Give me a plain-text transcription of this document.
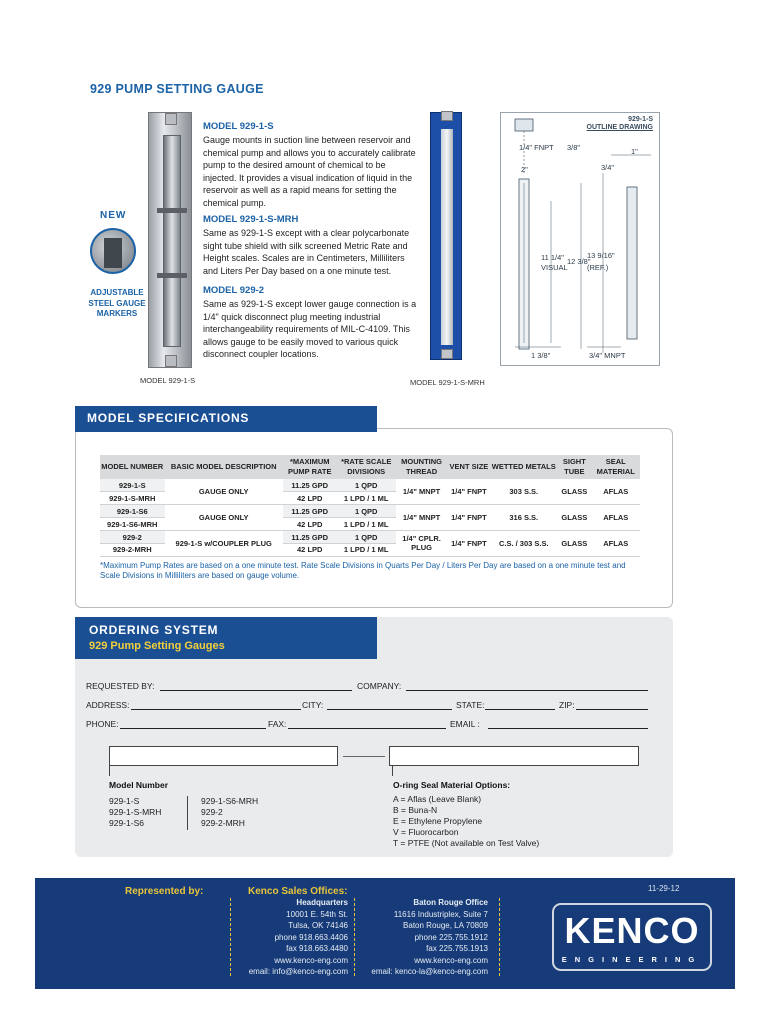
929 PUMP SETTING GAUGE
NEW
ADJUSTABLE STEEL GAUGE MARKERS
MODEL 929-1-S
Gauge mounts in suction line between reservoir and chemical pump and allows you to accurately calibrate pump to the desired amount of chemical to be injected. It provides a visual indication of liquid in the reservoir as well as a rapid means for setting the chemical pump.
MODEL 929-1-S-MRH
Same as 929-1-S except with a clear polycarbonate sight tube shield with silk screened Metric Rate and Height scales. Scales are in Centimeters, Milliliters and Liters Per Day based on a one minute test.
MODEL 929-2
Same as 929-1-S except lower gauge connection is a 1/4" quick disconnect plug meeting industrial interchangeability requirements of MIL-C-4109. This allows gauge to be easily moved to various quick disconnect coupler locations.
MODEL 929-1-S	MODEL 929-1-S-MRH
929-1-S
OUTLINE DRAWING
1/4" FNPT 3/8"	1"
2"	3/4"
11 1/4"
VISUAL
12 3/8"
13 9/16"
(REF.)
1 3/8"	3/4" MNPT
MODEL SPECIFICATIONS
MODEL NUMBER	BASIC MODEL DESCRIPTION	*MAXIMUM PUMP RATE	*RATE SCALE DIVISIONS	MOUNTING THREAD	VENT SIZE	WETTED METALS	SIGHT TUBE	SEAL MATERIAL
929-1-S	GAUGE ONLY	11.25 GPD	1 QPD	1/4" MNPT	1/4" FNPT	303 S.S.	GLASS	AFLAS
929-1-S-MRH		42 LPD	1 LPD / 1 ML					
929-1-S6	GAUGE ONLY	11.25 GPD	1 QPD	1/4" MNPT	1/4" FNPT	316 S.S.	GLASS	AFLAS
929-1-S6-MRH		42 LPD	1 LPD / 1 ML					
929-2	929-1-S w/COUPLER PLUG	11.25 GPD	1 QPD	1/4" CPLR. PLUG	1/4" FNPT	C.S. / 303 S.S.	GLASS	AFLAS
929-2-MRH		42 LPD	1 LPD / 1 ML					
*Maximum Pump Rates are based on a one minute test. Rate Scale Divisions in Quarts Per Day / Liters Per Day are based on a one minute test and Scale Divisions in Milliliters are based on gauge volume.
ORDERING SYSTEM
929 Pump Setting Gauges
REQUESTED BY:	COMPANY:
ADDRESS:	CITY:	STATE:	ZIP:
PHONE:	FAX:	EMAIL :
Model Number
929-1-S
929-1-S-MRH
929-1-S6
929-1-S6-MRH
929-2
929-2-MRH
O-ring Seal Material Options:
A = Aflas (Leave Blank)
B = Buna-N
E = Ethylene Propylene
V = Fluorocarbon
T = PTFE (Not available on Test Valve)
Represented by:	Kenco Sales Offices:	11-29-12
Headquarters
10001 E. 54th St.
Tulsa, OK 74146
phone 918.663.4406
fax 918.663.4480
www.kenco-eng.com
email: info@kenco-eng.com
Baton Rouge Office
11616 Industriplex, Suite 7
Baton Rouge, LA 70809
phone 225.755.1912
fax 225.755.1913
www.kenco-eng.com
email: kenco-la@kenco-eng.com
KENCO
ENGINEERING
